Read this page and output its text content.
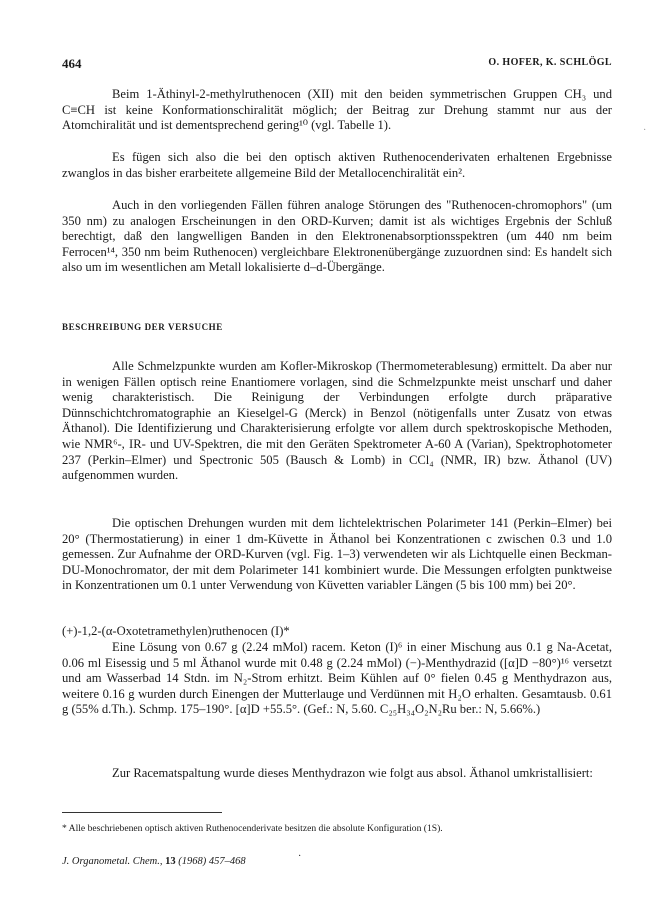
464	O. HOFER, K. SCHLÖGL

Beim 1-Äthinyl-2-methylruthenocen (XII) mit den beiden symmetrischen Gruppen CH₃ und C≡CH ist keine Konformationschiralität möglich; der Beitrag zur Drehung stammt nur aus der Atomchiralität und ist dementsprechend gering¹⁰ (vgl. Tabelle 1).

Es fügen sich also die bei den optisch aktiven Ruthenocenderivaten erhaltenen Ergebnisse zwanglos in das bisher erarbeitete allgemeine Bild der Metallocenchiralität ein².

Auch in den vorliegenden Fällen führen analoge Störungen des "Ruthenocen-chromophors" (um 350 nm) zu analogen Erscheinungen in den ORD-Kurven; damit ist als wichtiges Ergebnis der Schluß berechtigt, daß den langwelligen Banden in den Elektronenabsorptionsspektren (um 440 nm beim Ferrocen¹⁴, 350 nm beim Ruthenocen) vergleichbare Elektronenübergänge zuzuordnen sind: Es handelt sich also um im wesentlichen am Metall lokalisierte d–d-Übergänge.

BESCHREIBUNG DER VERSUCHE

Alle Schmelzpunkte wurden am Kofler-Mikroskop (Thermometerablesung) ermittelt. Da aber nur in wenigen Fällen optisch reine Enantiomere vorlagen, sind die Schmelzpunkte meist unscharf und daher wenig charakteristisch. Die Reinigung der Verbindungen erfolgte durch präparative Dünnschichtchromatographie an Kieselgel-G (Merck) in Benzol (nötigenfalls unter Zusatz von etwas Äthanol). Die Identifizierung und Charakterisierung erfolgte vor allem durch spektroskopische Methoden, wie NMR⁶-, IR- und UV-Spektren, die mit den Geräten Spektrometer A-60 A (Varian), Spektrophotometer 237 (Perkin–Elmer) und Spectronic 505 (Bausch & Lomb) in CCl₄ (NMR, IR) bzw. Äthanol (UV) aufgenommen wurden.

Die optischen Drehungen wurden mit dem lichtelektrischen Polarimeter 141 (Perkin–Elmer) bei 20° (Thermostatierung) in einer 1 dm-Küvette in Äthanol bei Konzentrationen c zwischen 0.3 und 1.0 gemessen. Zur Aufnahme der ORD-Kurven (vgl. Fig. 1–3) verwendeten wir als Lichtquelle einen Beckman-DU-Monochromator, der mit dem Polarimeter 141 kombiniert wurde. Die Messungen erfolgten punktweise in Konzentrationen um 0.1 unter Verwendung von Küvetten variabler Längen (5 bis 100 mm) bei 20°.

(+)-1,2-(α-Oxotetramethylen)ruthenocen (I)*

Eine Lösung von 0.67 g (2.24 mMol) racem. Keton (I)⁶ in einer Mischung aus 0.1 g Na-Acetat, 0.06 ml Eisessig und 5 ml Äthanol wurde mit 0.48 g (2.24 mMol) (−)-Menthydrazid ([α]D −80°)¹⁶ versetzt und am Wasserbad 14 Stdn. im N₂-Strom erhitzt. Beim Kühlen auf 0° fielen 0.45 g Menthydrazon aus, weitere 0.16 g wurden durch Einengen der Mutterlauge und Verdünnen mit H₂O erhalten. Gesamtausb. 0.61 g (55% d.Th.). Schmp. 175–190°. [α]D +55.5°. (Gef.: N, 5.60. C₂₅H₃₄O₂N₂Ru ber.: N, 5.66%.)

Zur Racematspaltung wurde dieses Menthydrazon wie folgt aus absol. Äthanol umkristallisiert:

* Alle beschriebenen optisch aktiven Ruthenocenderivate besitzen die absolute Konfiguration (1S).
J. Organometal. Chem., 13 (1968) 457–468	·
·
